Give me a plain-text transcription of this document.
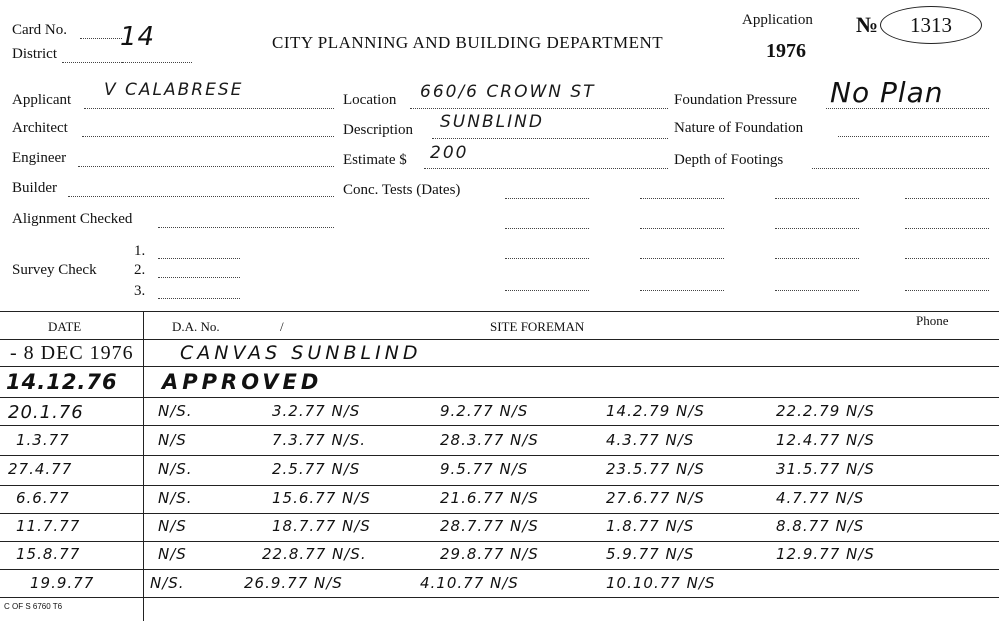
Card No.
District
14	CITY PLANNING AND BUILDING DEPARTMENT
Application
1976
№	1313
Applicant V CALABRESE
Architect
Engineer
Builder
Alignment Checked
Survey Check
1.
2.
3.
Location 660/6 CROWN ST
Description SUNBLIND
Estimate $ 200
Conc. Tests (Dates)
Foundation Pressure No Plan
Nature of Foundation
Depth of Footings
DATE	D.A. No.	/	SITE FOREMAN	Phone
- 8 DEC 1976 CANVAS SUNBLIND
14.12.76 APPROVED
20.1.76	N/S.	3.2.77 N/S	9.2.77 N/S	14.2.79 N/S	22.2.79 N/S
1.3.77	N/S	7.3.77 N/S.	28.3.77 N/S	4.3.77 N/S	12.4.77 N/S
27.4.77	N/S.	2.5.77 N/S	9.5.77 N/S	23.5.77 N/S	31.5.77 N/S
6.6.77	N/S.	15.6.77 N/S	21.6.77 N/S	27.6.77 N/S	4.7.77 N/S
11.7.77	N/S	18.7.77 N/S	28.7.77 N/S	1.8.77 N/S	8.8.77 N/S
15.8.77	N/S	22.8.77 N/S.	29.8.77 N/S	5.9.77 N/S	12.9.77 N/S
19.9.77	N/S.	26.9.77 N/S	4.10.77 N/S	10.10.77 N/S
C OF S 6760 T6
